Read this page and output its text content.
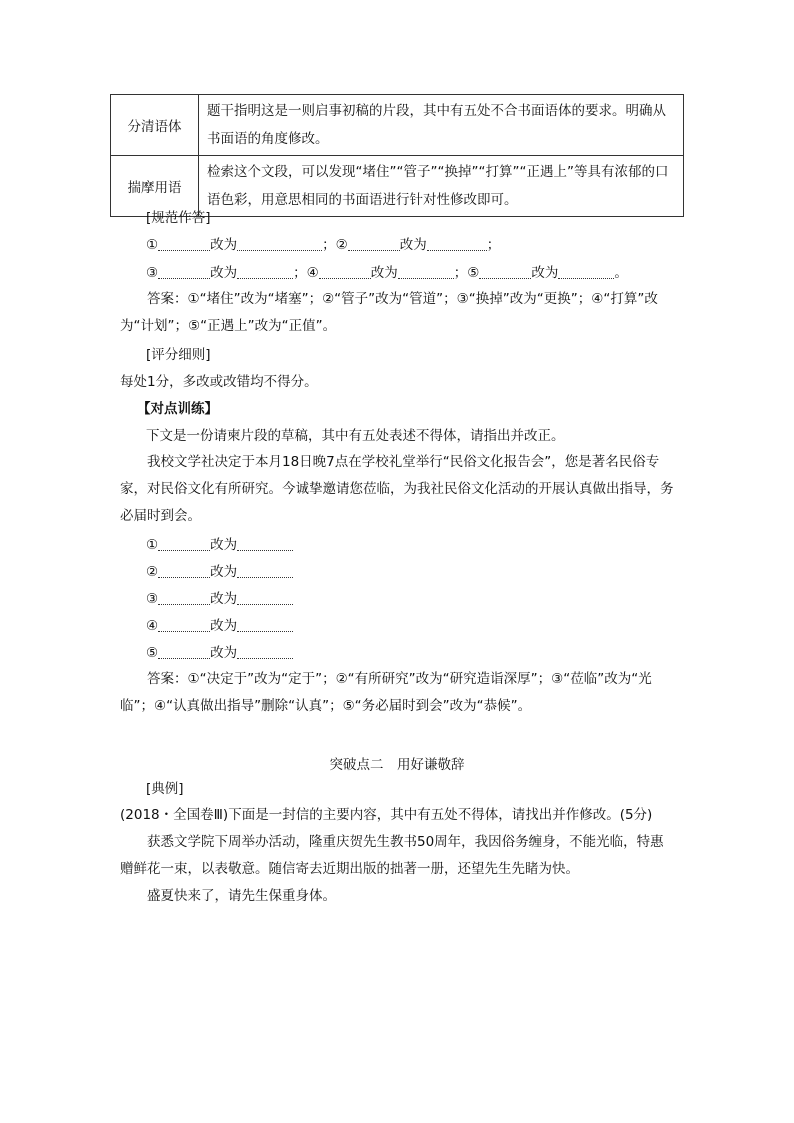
分清语体	题干指明这是一则启事初稿的片段，其中有五处不合书面语体的要求。明确从书面语的角度修改。
揣摩用语	检索这个文段，可以发现“堵住”“管子”“换掉”“打算”“正遇上”等具有浓郁的口语色彩，用意思相同的书面语进行针对性修改即可。
[规范作答]
①	改为	；②	改为	；
③	改为	；④	改为	；⑤	改为	。
答案：①“堵住”改为“堵塞”；②“管子”改为“管道”；③“换掉”改为“更换”；④“打算”改为“计划”；⑤“正遇上”改为“正值”。
[评分细则]
每处1分，多改或改错均不得分。
【对点训练】
下文是一份请柬片段的草稿，其中有五处表述不得体，请指出并改正。
我校文学社决定于本月18日晚7点在学校礼堂举行“民俗文化报告会”，您是著名民俗专家，对民俗文化有所研究。今诚挚邀请您莅临，为我社民俗文化活动的开展认真做出指导，务必届时到会。
①	改为
②	改为
③	改为
④	改为
⑤	改为
答案：①“决定于”改为“定于”；②“有所研究”改为“研究造诣深厚”；③“莅临”改为“光临”；④“认真做出指导”删除“认真”；⑤“务必届时到会”改为“恭候”。
突破点二　用好谦敬辞
[典例]
(2018・全国卷Ⅲ)下面是一封信的主要内容，其中有五处不得体，请找出并作修改。(5分)
获悉文学院下周举办活动，隆重庆贺先生教书50周年，我因俗务缠身，不能光临，特惠赠鲜花一束，以表敬意。随信寄去近期出版的拙著一册，还望先生先睹为快。
盛夏快来了，请先生保重身体。
